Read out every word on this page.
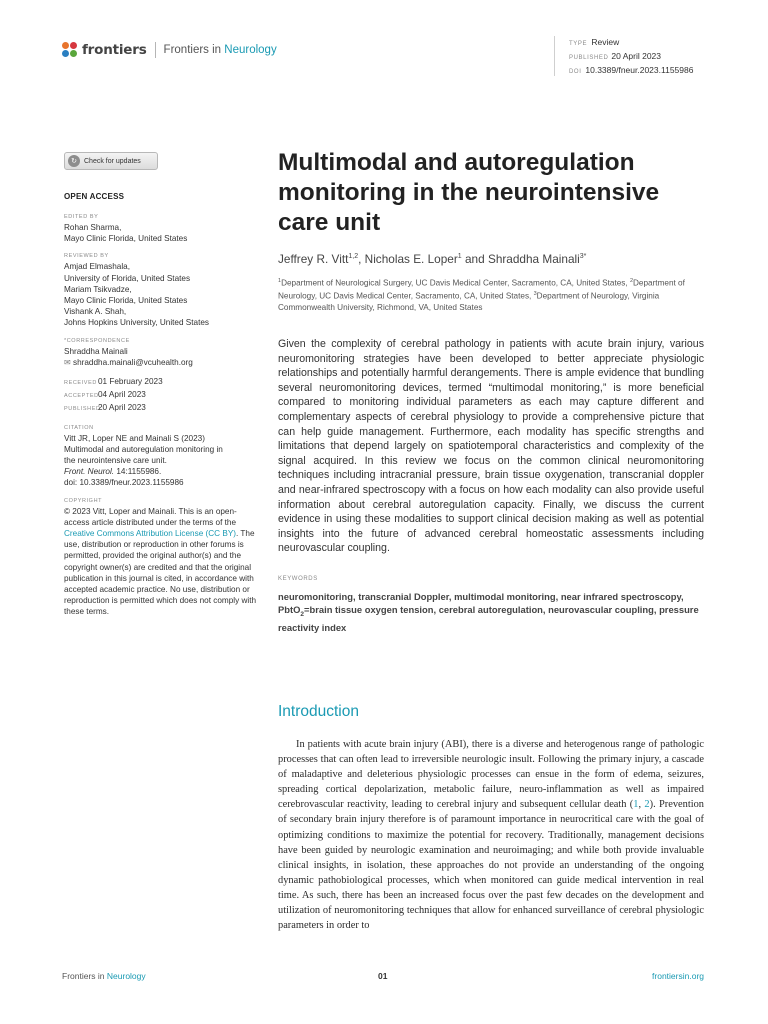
frontiers Frontiers in Neurology	TYPE Review
PUBLISHED 20 April 2023
DOI 10.3389/fneur.2023.1155986
↻	Check for updates
OPEN ACCESS
EDITED BY
Rohan Sharma,
Mayo Clinic Florida, United States
REVIEWED BY
Amjad Elmashala,
University of Florida, United States
Mariam Tsikvadze,
Mayo Clinic Florida, United States
Vishank A. Shah,
Johns Hopkins University, United States
*CORRESPONDENCE
Shraddha Mainali
✉ shraddha.mainali@vcuhealth.org
RECEIVED01 February 2023
ACCEPTED04 April 2023
PUBLISHED20 April 2023
CITATION
Vitt JR, Loper NE and Mainali S (2023)
Multimodal and autoregulation monitoring in
the neurointensive care unit.
Front. Neurol. 14:1155986.
doi: 10.3389/fneur.2023.1155986
COPYRIGHT
© 2023 Vitt, Loper and Mainali. This is an open-access article distributed under the terms of the Creative Commons Attribution License (CC BY). The use, distribution or reproduction in other forums is permitted, provided the original author(s) and the copyright owner(s) are credited and that the original publication in this journal is cited, in accordance with accepted academic practice. No use, distribution or reproduction is permitted which does not comply with these terms.
Multimodal and autoregulation monitoring in the neurointensive care unit
Jeffrey R. Vitt$^{1,2}$, Nicholas E. Loper$^1$ and Shraddha Mainali$^{3*}$
$^1$Department of Neurological Surgery, UC Davis Medical Center, Sacramento, CA, United States, $^2$Department of Neurology, UC Davis Medical Center, Sacramento, CA, United States, $^3$Department of Neurology, Virginia Commonwealth University, Richmond, VA, United States

Given the complexity of cerebral pathology in patients with acute brain injury, various neuromonitoring strategies have been developed to better appreciate physiologic relationships and potentially harmful derangements. There is ample evidence that bundling several neuromonitoring devices, termed “multimodal monitoring,” is more beneficial compared to monitoring individual parameters as each may capture different and complementary aspects of cerebral physiology to provide a comprehensive picture that can help guide management. Furthermore, each modality has specific strengths and limitations that depend largely on spatiotemporal characteristics and complexity of the signal acquired. In this review we focus on the common clinical neuromonitoring techniques including intracranial pressure, brain tissue oxygenation, transcranial doppler and near-infrared spectroscopy with a focus on how each modality can also provide useful information about cerebral autoregulation capacity. Finally, we discuss the current evidence in using these modalities to support clinical decision making as well as potential insights into the future of advanced cerebral homeostatic assessments including neurovascular coupling.

KEYWORDS
neuromonitoring, transcranial Doppler, multimodal monitoring, near infrared spectroscopy, PbtO$_2$=brain tissue oxygen tension, cerebral autoregulation, neurovascular coupling, pressure reactivity index
Introduction

In patients with acute brain injury (ABI), there is a diverse and heterogenous range of pathologic processes that can often lead to irreversible neurologic insult. Following the primary injury, a cascade of maladaptive and deleterious physiologic processes can ensue in the form of edema, seizures, spreading cortical depolarization, metabolic failure, neuro-inflammation as well as impaired cerebrovascular reactivity, leading to cerebral injury and subsequent cellular death (1, 2). Prevention of secondary brain injury therefore is of paramount importance in neurocritical care with the goal of optimizing conditions to maximize the potential for recovery. Traditionally, management decisions have been guided by neurologic examination and neuroimaging; and while both provide invaluable clinical insights, in isolation, these approaches do not provide an understanding of the ongoing dynamic pathobiological processes, which when monitored can guide medical intervention in real time. As such, there has been an increased focus over the past few decades on the development and utilization of neuromonitoring techniques that allow for enhanced surveillance of cerebral physiologic parameters in order to

Frontiers in Neurology	01	frontiersin.org
